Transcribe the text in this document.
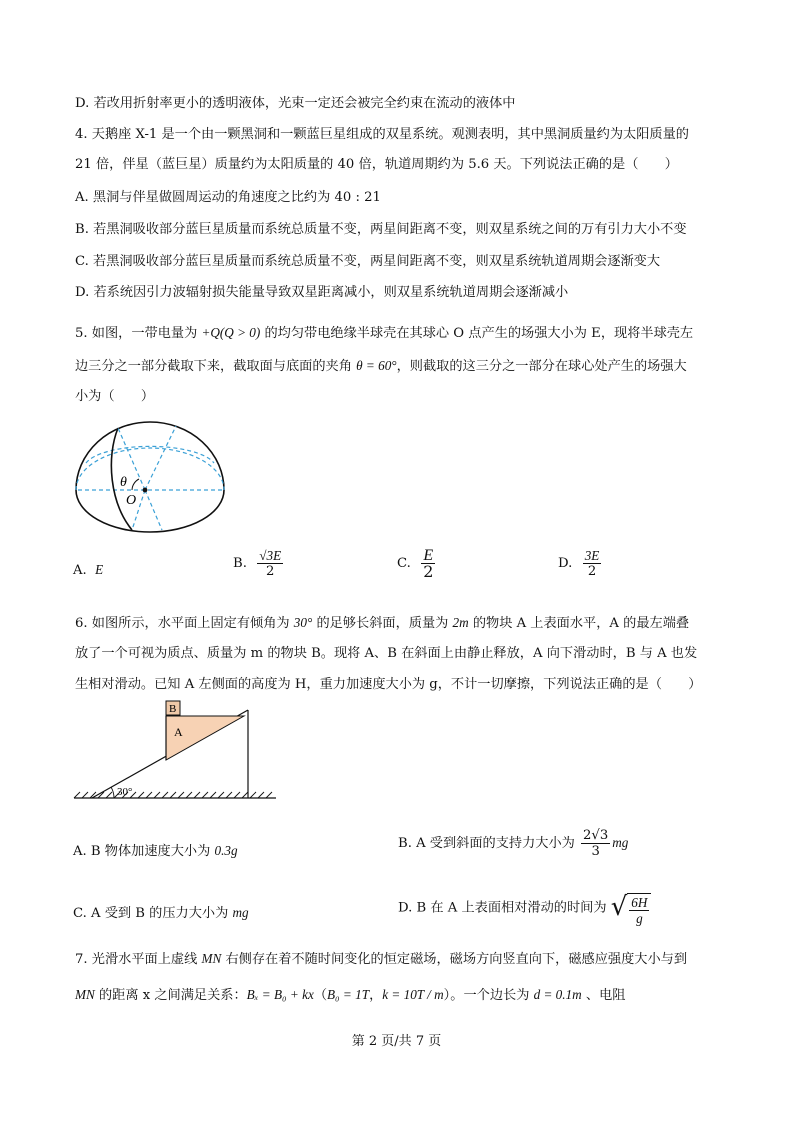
D. 若改用折射率更小的透明液体，光束一定还会被完全约束在流动的液体中
4. 天鹅座 X-1 是一个由一颗黑洞和一颗蓝巨星组成的双星系统。观测表明，其中黑洞质量约为太阳质量的
21 倍，伴星（蓝巨星）质量约为太阳质量的 40 倍，轨道周期约为 5.6 天。下列说法正确的是（　　）
A. 黑洞与伴星做圆周运动的角速度之比约为 40 : 21
B. 若黑洞吸收部分蓝巨星质量而系统总质量不变，两星间距离不变，则双星系统之间的万有引力大小不变
C. 若黑洞吸收部分蓝巨星质量而系统总质量不变，两星间距离不变，则双星系统轨道周期会逐渐变大
D. 若系统因引力波辐射损失能量导致双星距离减小，则双星系统轨道周期会逐渐减小
5. 如图，一带电量为 +Q(Q > 0) 的均匀带电绝缘半球壳在其球心 O 点产生的场强大小为 E，现将半球壳左
边三分之一部分截取下来，截取面与底面的夹角 θ = 60°，则截取的这三分之一部分在球心处产生的场强大
小为（　　）
θ
O
A. E	B. $\frac{√3E}{2}$	C. $\frac{E}{2}$	D. $\frac{3E}{2}$
6. 如图所示，水平面上固定有倾角为 30° 的足够长斜面，质量为 2m 的物块 A 上表面水平，A 的最左端叠
放了一个可视为质点、质量为 m 的物块 B。现将 A、B 在斜面上由静止释放，A 向下滑动时，B 与 A 也发
生相对滑动。已知 A 左侧面的高度为 H，重力加速度大小为 g，不计一切摩擦，下列说法正确的是（　　）
B
A
30°
A. B 物体加速度大小为 0.3g	B. A 受到斜面的支持力大小为 $\frac{2√3}{3}$ mg
C. A 受到 B 的压力大小为 mg	D. B 在 A 上表面相对滑动的时间为 √ $\frac{6H}{g}$
7. 光滑水平面上虚线 MN 右侧存在着不随时间变化的恒定磁场，磁场方向竖直向下，磁感应强度大小与到
MN 的距离 x 之间满足关系：Bₓ = B₀ + kx（B₀ = 1T，k = 10T / m）。一个边长为 d = 0.1m 、电阻
第 2 页/共 7 页
